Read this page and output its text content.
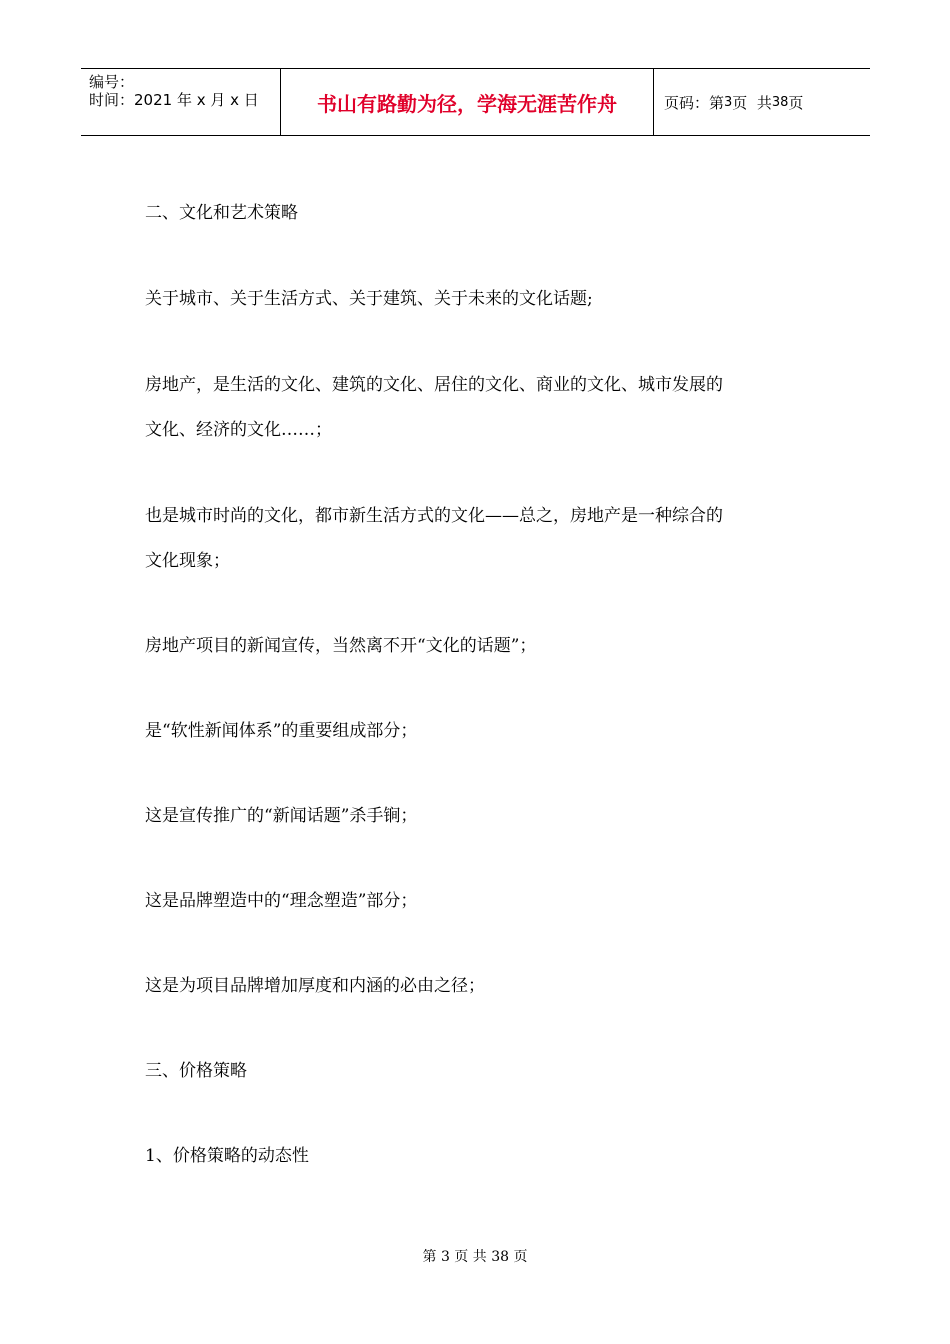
编号：
时间：2021 年 x 月 x 日	书山有路勤为径，学海无涯苦作舟	页码：第 3 页  共 38 页

二、文化和艺术策略

关于城市、关于生活方式、关于建筑、关于未来的文化话题;

房地产，是生活的文化、建筑的文化、居住的文化、商业的文化、城市发展的

文化、经济的文化……；

也是城市时尚的文化，都市新生活方式的文化——总之，房地产是一种综合的

文化现象；

房地产项目的新闻宣传，当然离不开“文化的话题”；

是“软性新闻体系”的重要组成部分；

这是宣传推广的“新闻话题”杀手锏；

这是品牌塑造中的“理念塑造”部分；

这是为项目品牌增加厚度和内涵的必由之径；

三、价格策略

1、价格策略的动态性

第 3 页 共 38 页
